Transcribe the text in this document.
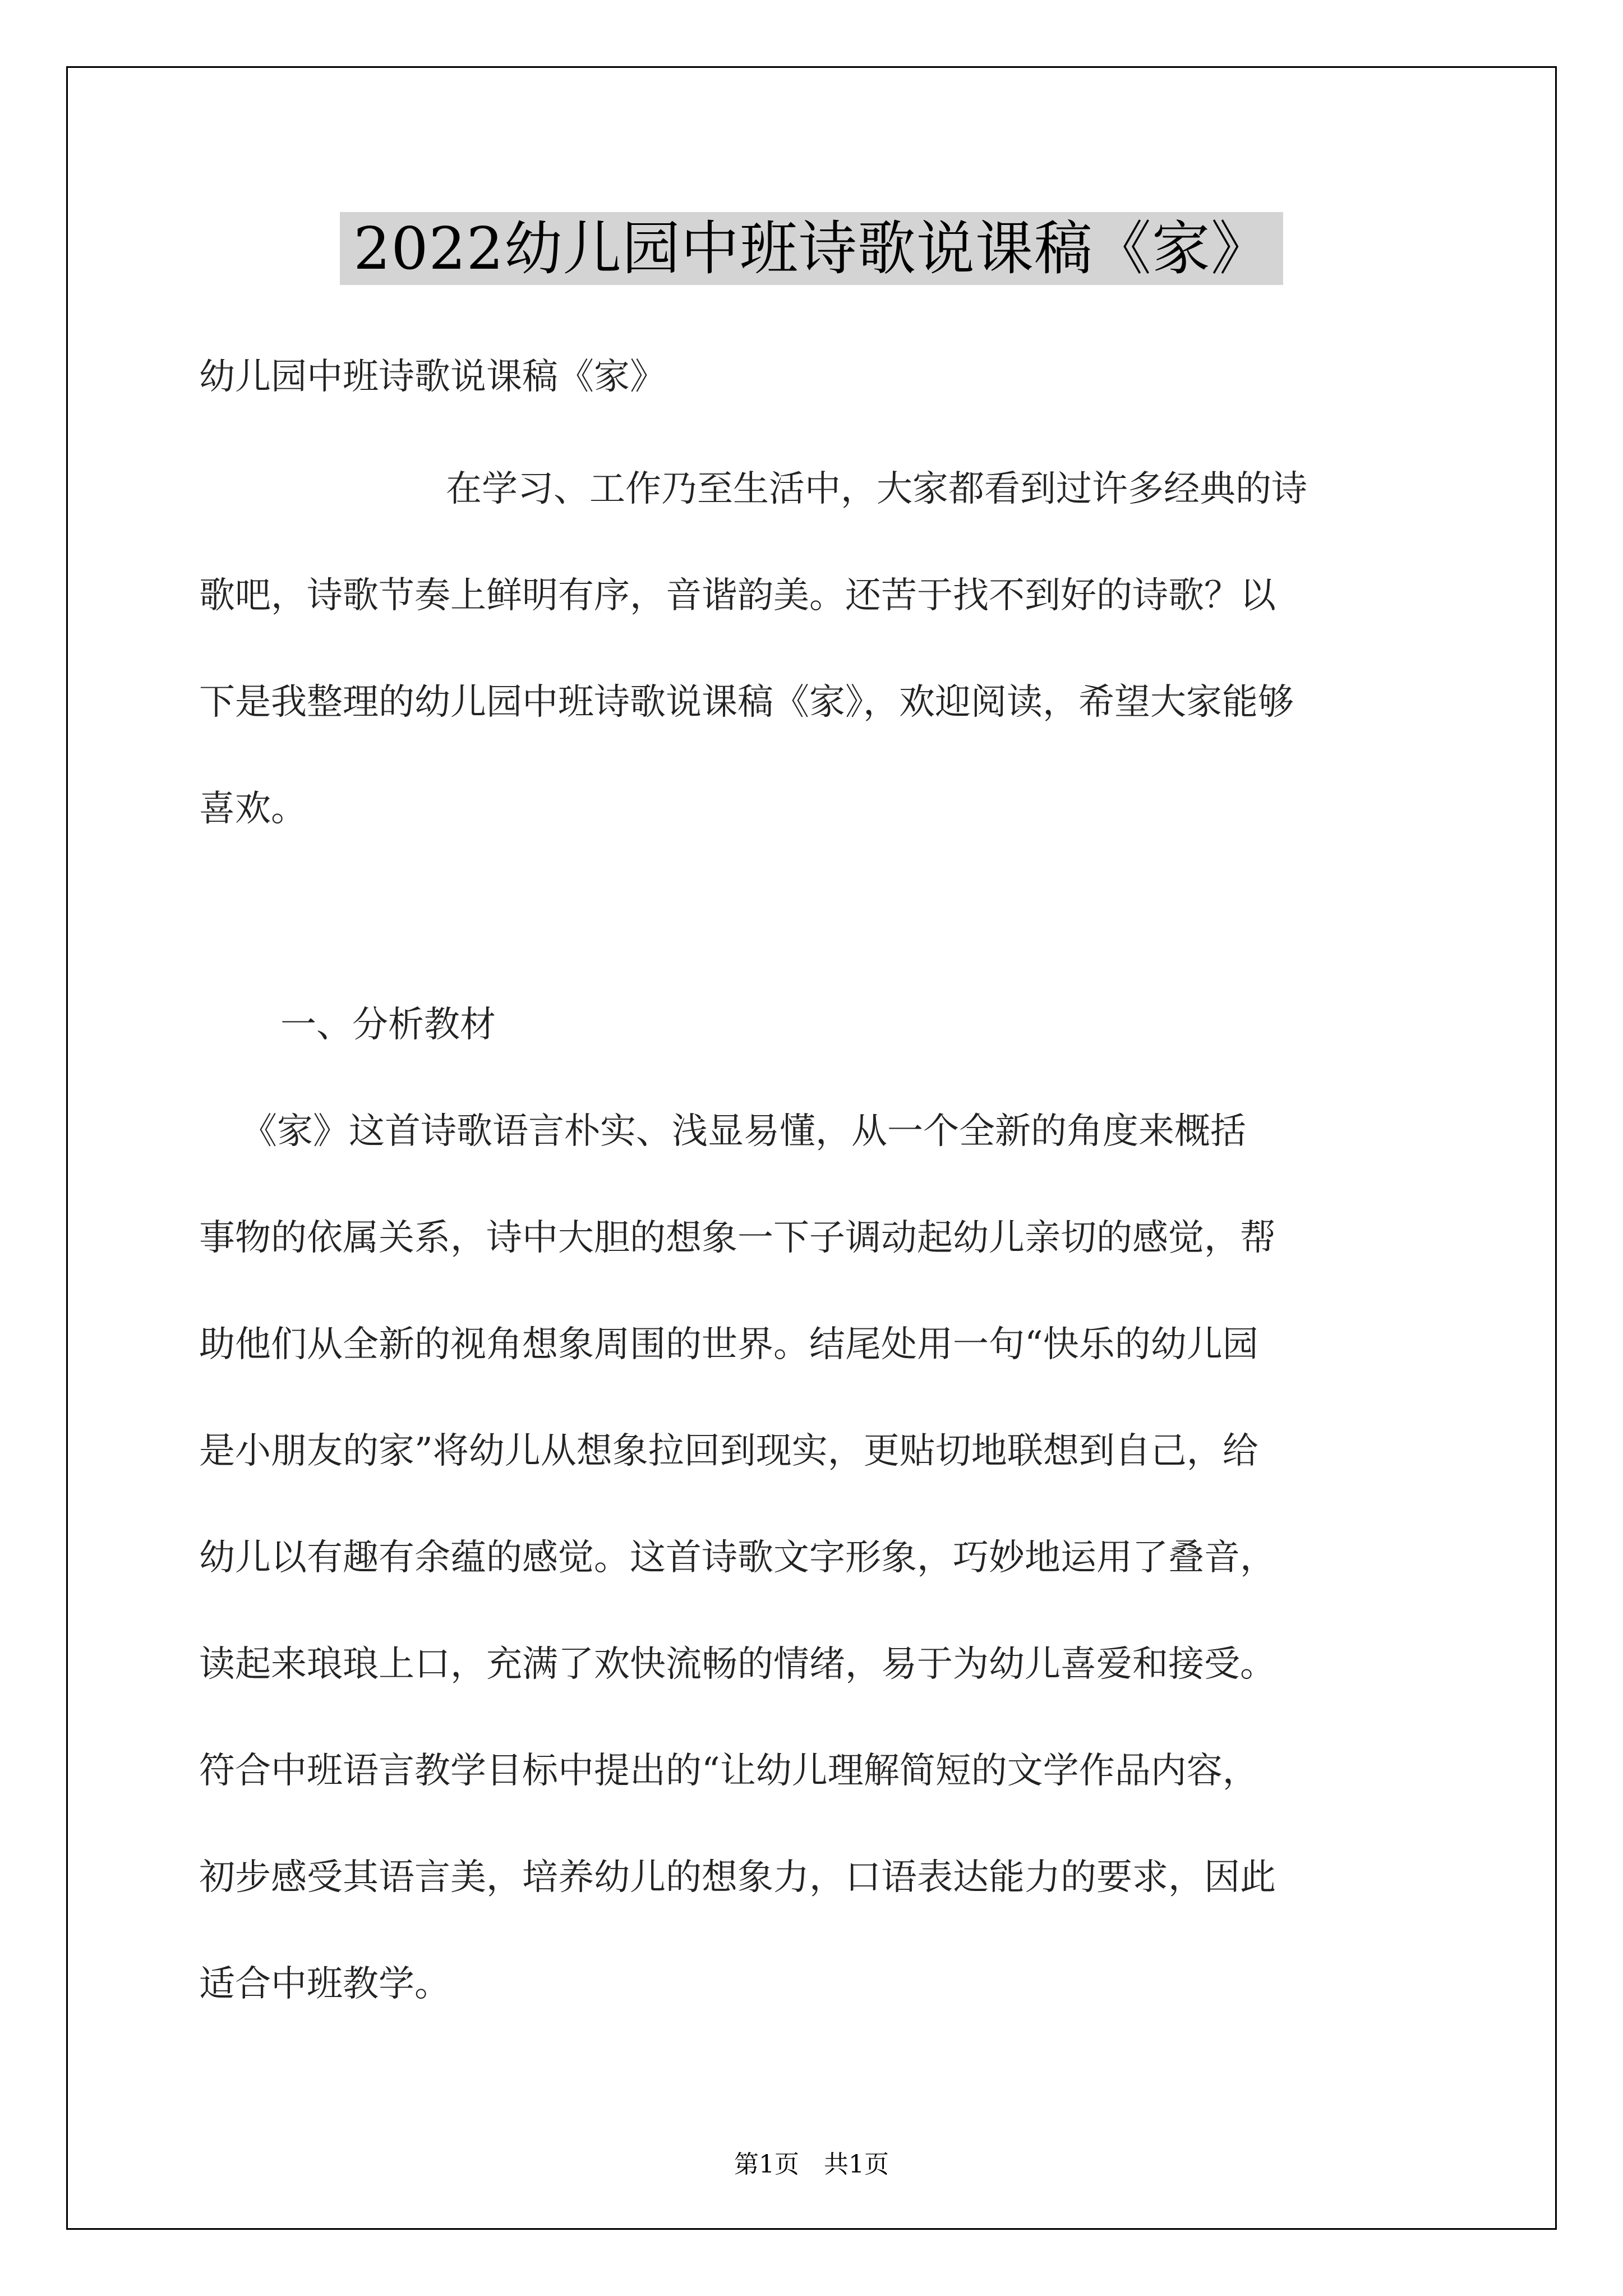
2022幼儿园中班诗歌说课稿《家》

幼儿园中班诗歌说课稿《家》

在学习、工作乃至生活中，大家都看到过许多经典的诗

歌吧，诗歌节奏上鲜明有序，音谐韵美。还苦于找不到好的诗歌？以

下是我整理的幼儿园中班诗歌说课稿《家》，欢迎阅读，希望大家能够

喜欢。

一、分析教材

《家》这首诗歌语言朴实、浅显易懂，从一个全新的角度来概括

事物的依属关系，诗中大胆的想象一下子调动起幼儿亲切的感觉，帮

助他们从全新的视角想象周围的世界。结尾处用一句“快乐的幼儿园

是小朋友的家”将幼儿从想象拉回到现实，更贴切地联想到自己，给

幼儿以有趣有余蕴的感觉。这首诗歌文字形象，巧妙地运用了叠音，

读起来琅琅上口，充满了欢快流畅的情绪，易于为幼儿喜爱和接受。

符合中班语言教学目标中提出的“让幼儿理解简短的文学作品内容，

初步感受其语言美，培养幼儿的想象力，口语表达能力的要求，因此

适合中班教学。

第1页　共1页
